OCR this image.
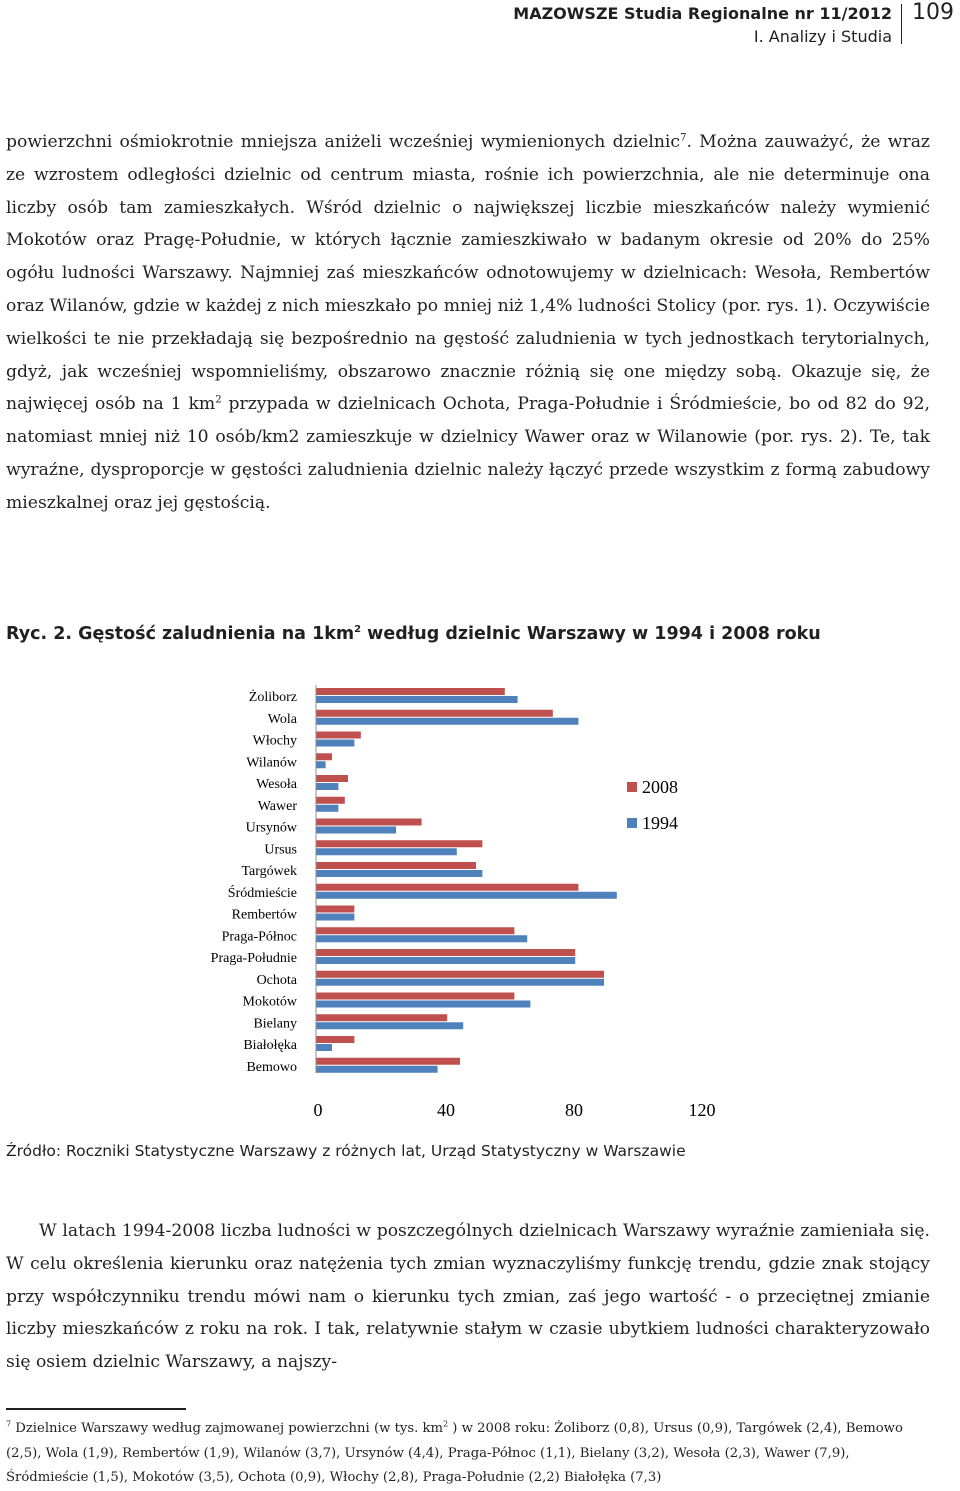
MAZOWSZE Studia Regionalne nr 11/2012
I. Analizy i Studia
109

powierzchni ośmiokrotnie mniejsza aniżeli wcześniej wymienionych dzielnic$^7$. Można zauważyć, że wraz ze wzrostem odległości dzielnic od centrum miasta, rośnie ich powierzchnia, ale nie determinuje ona liczby osób tam zamieszkałych. Wśród dzielnic o największej liczbie mieszkańców należy wymienić Mokotów oraz Pragę-Południe, w których łącznie zamieszkiwało w badanym okresie od 20% do 25% ogółu ludności Warszawy. Najmniej zaś mieszkańców odnotowujemy w dzielnicach: Wesoła, Rembertów oraz Wilanów, gdzie w każdej z nich mieszkało po mniej niż 1,4% ludności Stolicy (por. rys. 1). Oczywiście wielkości te nie przekładają się bezpośrednio na gęstość zaludnienia w tych jednostkach terytorialnych, gdyż, jak wcześniej wspomnieliśmy, obszarowo znacznie różnią się one między sobą. Okazuje się, że najwięcej osób na 1 $km^2$ przypada w dzielnicach Ochota, Praga-Południe i Śródmieście, bo od 82 do 92, natomiast mniej niż 10 osób/km2 zamieszkuje w dzielnicy Wawer oraz w Wilanowie (por. rys. 2). Te, tak wyraźne, dysproporcje w gęstości zaludnienia dzielnic należy łączyć przede wszystkim z formą zabudowy mieszkalnej oraz jej gęstością.

Ryc. 2. Gęstość zaludnienia na $1km^2$ według dzielnic Warszawy w 1994 i 2008 roku

Żoliborz
Wola
Włochy
Wilanów
Wesoła
Wawer
Ursynów
Ursus
Targówek
Śródmieście
Rembertów
Praga-Północ
Praga-Południe
Ochota
Mokotów
Bielany
Białołęka
Bemowo
0	40	80	120
2008
1994

Źródło: Roczniki Statystyczne Warszawy z różnych lat, Urząd Statystyczny w Warszawie

W latach 1994-2008 liczba ludności w poszczególnych dzielnicach Warszawy wyraźnie zamieniała się. W celu określenia kierunku oraz natężenia tych zmian wyznaczyliśmy funkcję trendu, gdzie znak stojący przy współczynniku trendu mówi nam o kierunku tych zmian, zaś jego wartość - o przeciętnej zmianie liczby mieszkańców z roku na rok. I tak, relatywnie stałym w czasie ubytkiem ludności charakteryzowało się osiem dzielnic Warszawy, a najszy-

$^7$ Dzielnice Warszawy według zajmowanej powierzchni (w tys. $km^2$ ) w 2008 roku: Żoliborz (0,8), Ursus (0,9), Targówek (2,4), Bemowo (2,5), Wola (1,9), Rembertów (1,9), Wilanów (3,7), Ursynów (4,4), Praga-Północ (1,1), Bielany (3,2), Wesoła (2,3), Wawer (7,9), Śródmieście (1,5), Mokotów (3,5), Ochota (0,9), Włochy (2,8), Praga-Południe (2,2) Białołęka (7,3)
